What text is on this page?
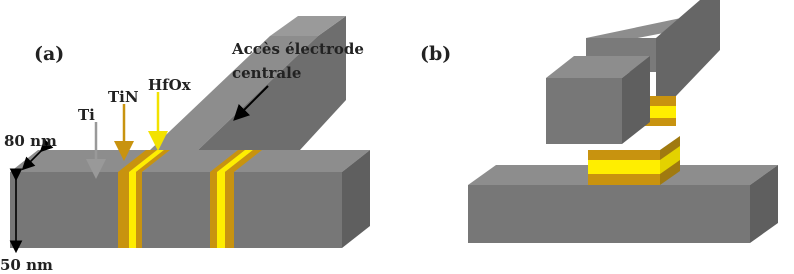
(a)	Accès électrode
centrale
HfOx
TiN
Ti
80 nm
50 nm
(b)
